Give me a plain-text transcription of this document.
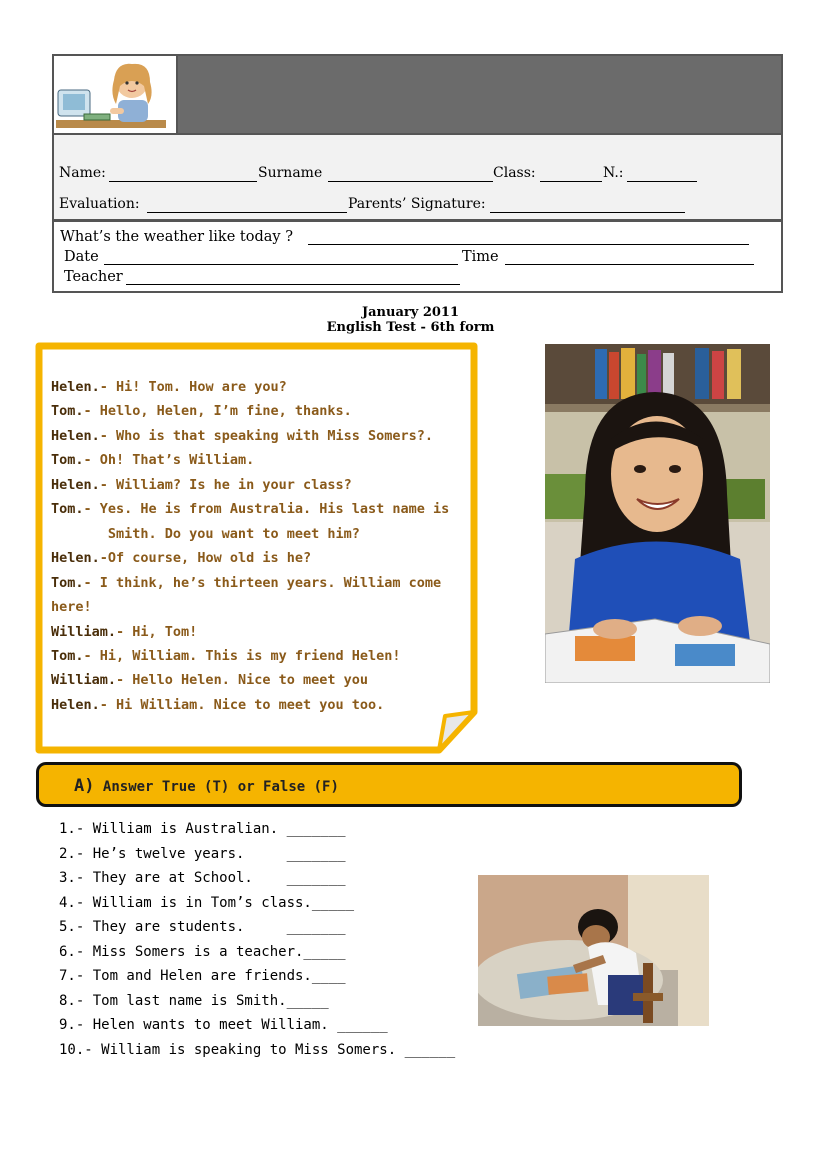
Name:	Surname	Class:	N.:
Evaluation:	Parents’ Signature:
What’s the weather like today ?
Date	Time
Teacher
January 2011
English Test - 6th form
Helen.- Hi! Tom. How are you?
Tom.- Hello, Helen, I’m fine, thanks.
Helen.- Who is that speaking with Miss Somers?.
Tom.- Oh! That’s William.
Helen.- William? Is he in your class?
Tom.- Yes. He is from Australia. His last name is
Smith. Do you want to meet him?
Helen.-Of course, How old is he?
Tom.- I think, he’s thirteen years. William come
here!
William.- Hi, Tom!
Tom.- Hi, William. This is my friend Helen!
William.- Hello Helen. Nice to meet you
Helen.- Hi William. Nice to meet you too.
A) Answer True (T) or False (F)
1.- William is Australian. _______
2.- He’s twelve years.     _______
3.- They are at School.    _______
4.- William is in Tom’s class._____
5.- They are students.     _______
6.- Miss Somers is a teacher._____
7.- Tom and Helen are friends.____
8.- Tom last name is Smith._____
9.- Helen wants to meet William. ______
10.- William is speaking to Miss Somers. ______
